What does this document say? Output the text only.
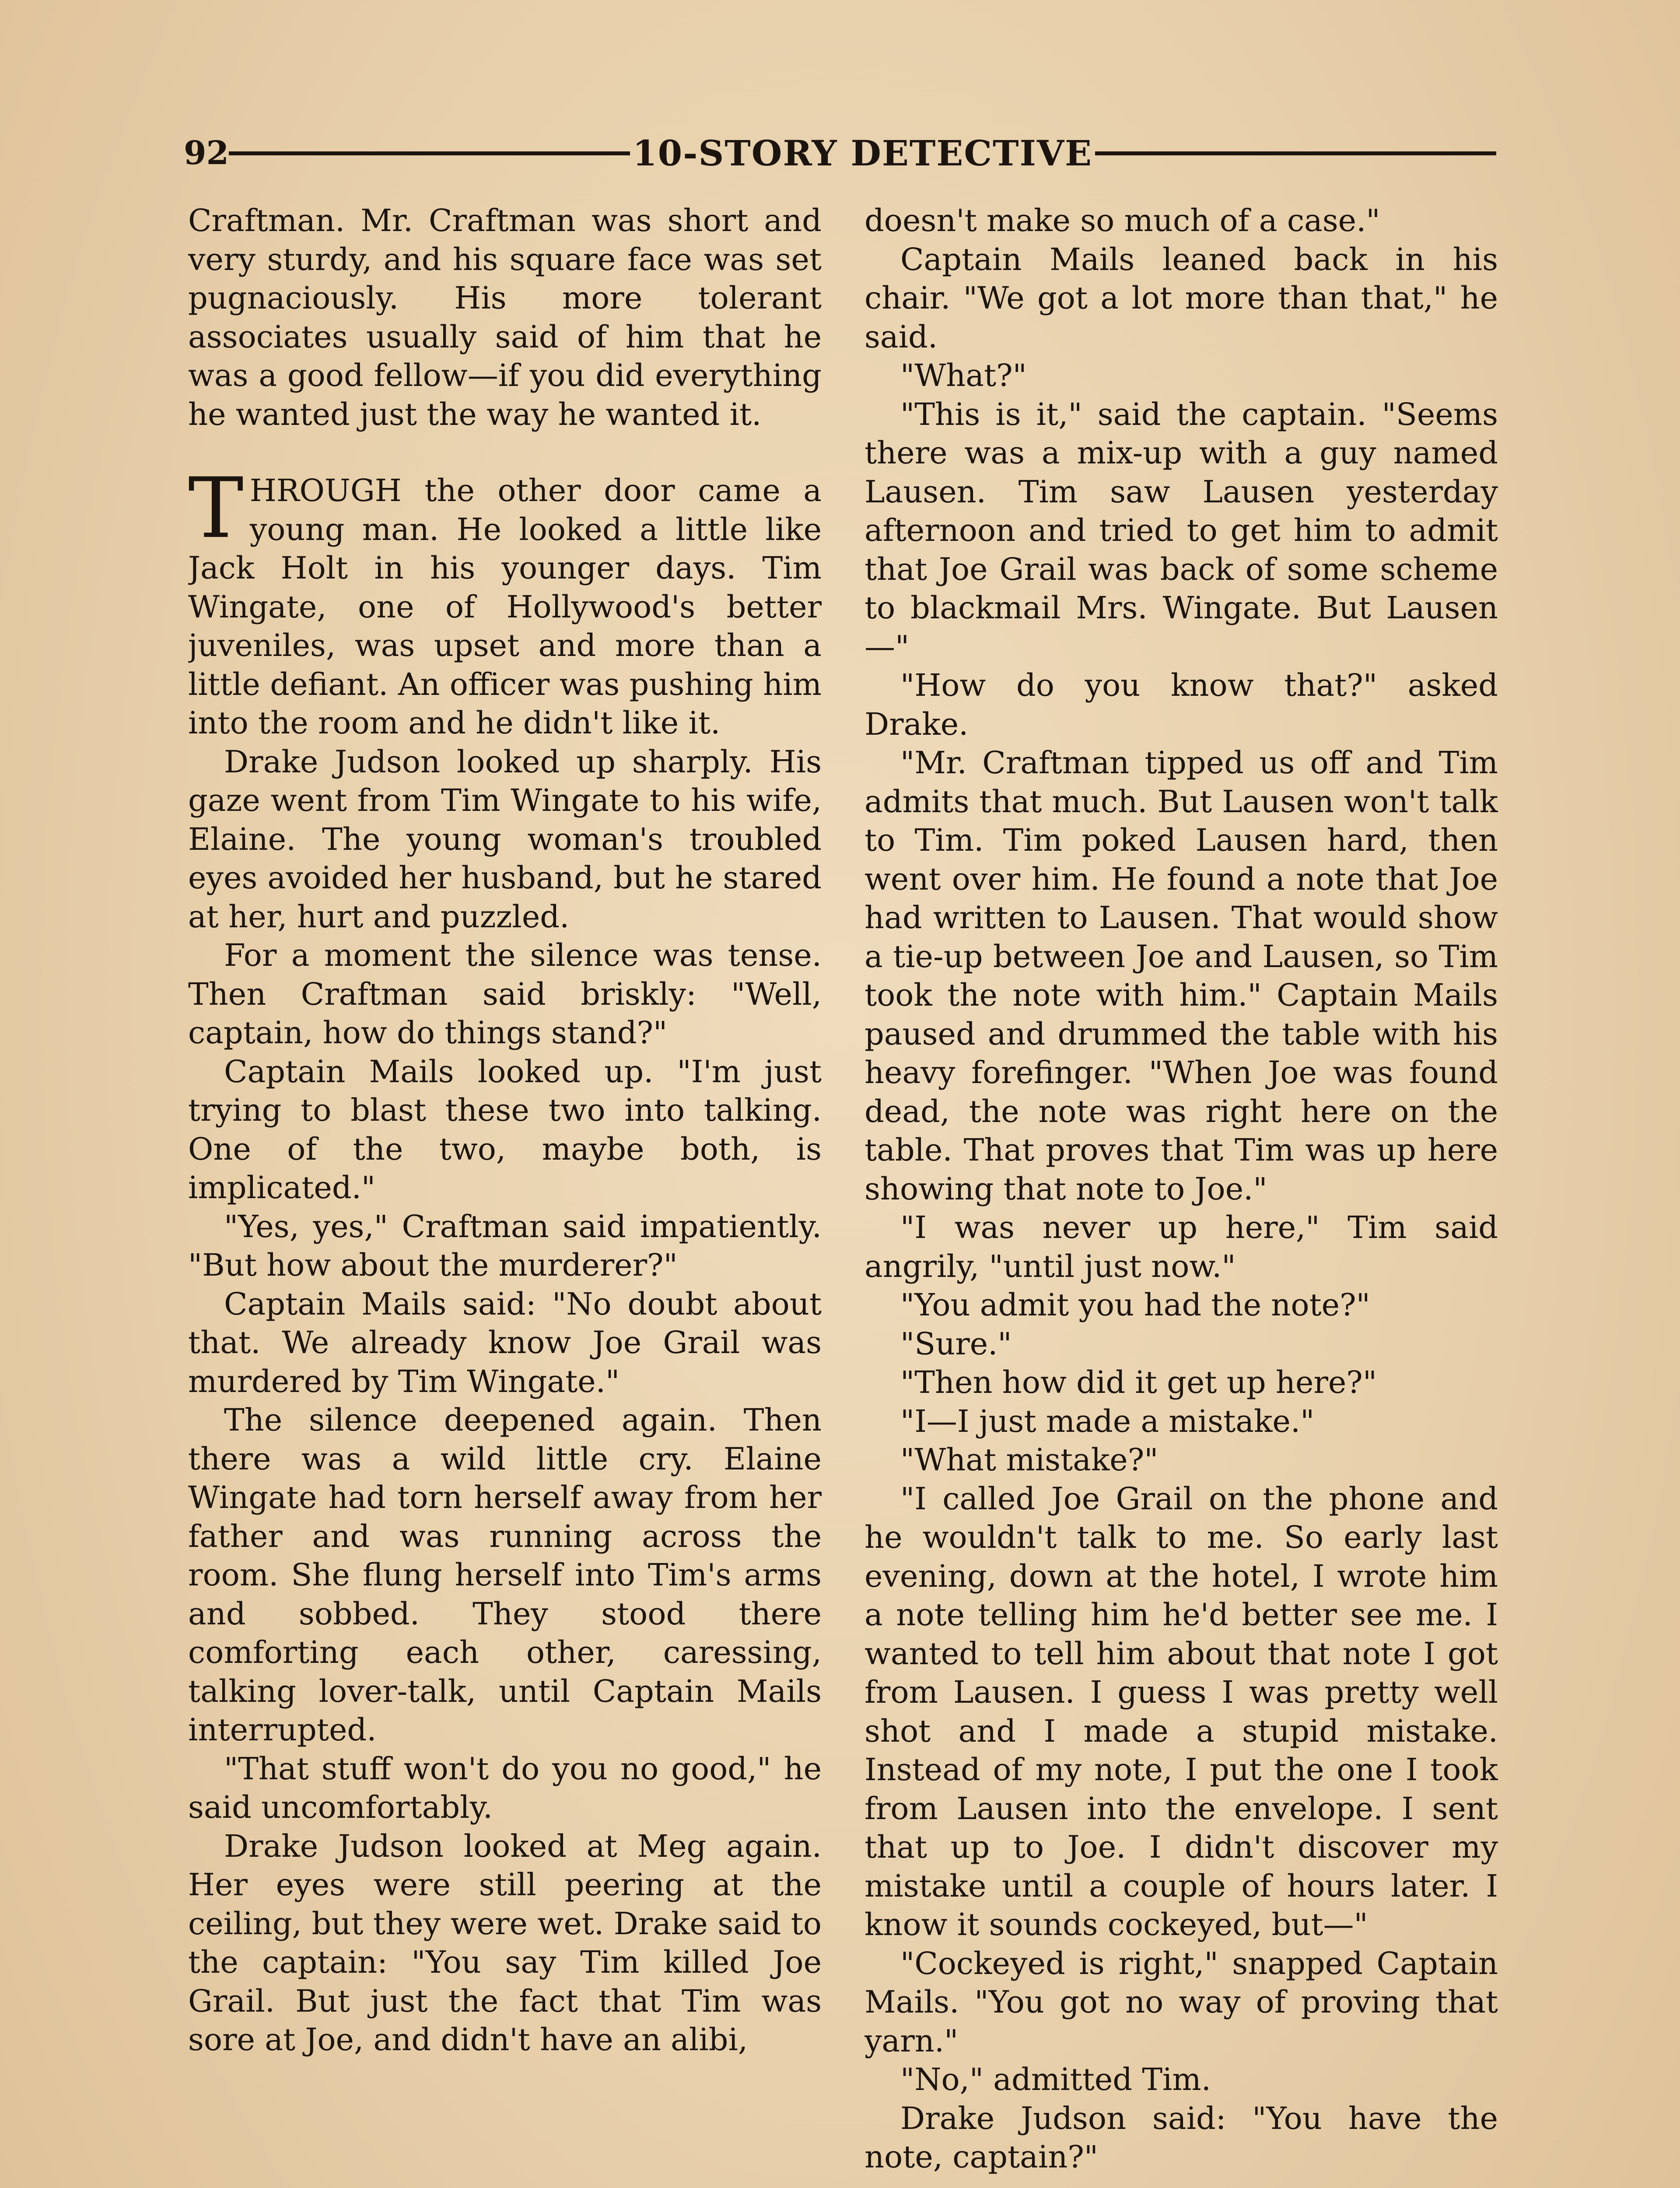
92	10-STORY DETECTIVE

Craftman. Mr. Craftman was short and very sturdy, and his square face was set pugnaciously. His more tolerant associates usually said of him that he was a good fellow—if you did everything he wanted just the way he wanted it.

THROUGH the other door came a young man. He looked a little like Jack Holt in his younger days. Tim Wingate, one of Hollywood's better juveniles, was upset and more than a little defiant. An officer was pushing him into the room and he didn't like it.

Drake Judson looked up sharply. His gaze went from Tim Wingate to his wife, Elaine. The young woman's troubled eyes avoided her husband, but he stared at her, hurt and puzzled.

For a moment the silence was tense. Then Craftman said briskly: "Well, captain, how do things stand?"

Captain Mails looked up. "I'm just trying to blast these two into talking. One of the two, maybe both, is implicated."

"Yes, yes," Craftman said impatiently. "But how about the murderer?"

Captain Mails said: "No doubt about that. We already know Joe Grail was murdered by Tim Wingate."

The silence deepened again. Then there was a wild little cry. Elaine Wingate had torn herself away from her father and was running across the room. She flung herself into Tim's arms and sobbed. They stood there comforting each other, caressing, talking lover-talk, until Captain Mails interrupted.

"That stuff won't do you no good," he said uncomfortably.

Drake Judson looked at Meg again. Her eyes were still peering at the ceiling, but they were wet. Drake said to the captain: "You say Tim killed Joe Grail. But just the fact that Tim was sore at Joe, and didn't have an alibi,

doesn't make so much of a case."

Captain Mails leaned back in his chair. "We got a lot more than that," he said.

"What?"

"This is it," said the captain. "Seems there was a mix-up with a guy named Lausen. Tim saw Lausen yesterday afternoon and tried to get him to admit that Joe Grail was back of some scheme to blackmail Mrs. Wingate. But Lausen—"

"How do you know that?" asked Drake.

"Mr. Craftman tipped us off and Tim admits that much. But Lausen won't talk to Tim. Tim poked Lausen hard, then went over him. He found a note that Joe had written to Lausen. That would show a tie-up between Joe and Lausen, so Tim took the note with him." Captain Mails paused and drummed the table with his heavy forefinger. "When Joe was found dead, the note was right here on the table. That proves that Tim was up here showing that note to Joe."

"I was never up here," Tim said angrily, "until just now."

"You admit you had the note?"

"Sure."

"Then how did it get up here?"

"I—I just made a mistake."

"What mistake?"

"I called Joe Grail on the phone and he wouldn't talk to me. So early last evening, down at the hotel, I wrote him a note telling him he'd better see me. I wanted to tell him about that note I got from Lausen. I guess I was pretty well shot and I made a stupid mistake. Instead of my note, I put the one I took from Lausen into the envelope. I sent that up to Joe. I didn't discover my mistake until a couple of hours later. I know it sounds cockeyed, but—"

"Cockeyed is right," snapped Captain Mails. "You got no way of proving that yarn."

"No," admitted Tim.

Drake Judson said: "You have the note, captain?"
